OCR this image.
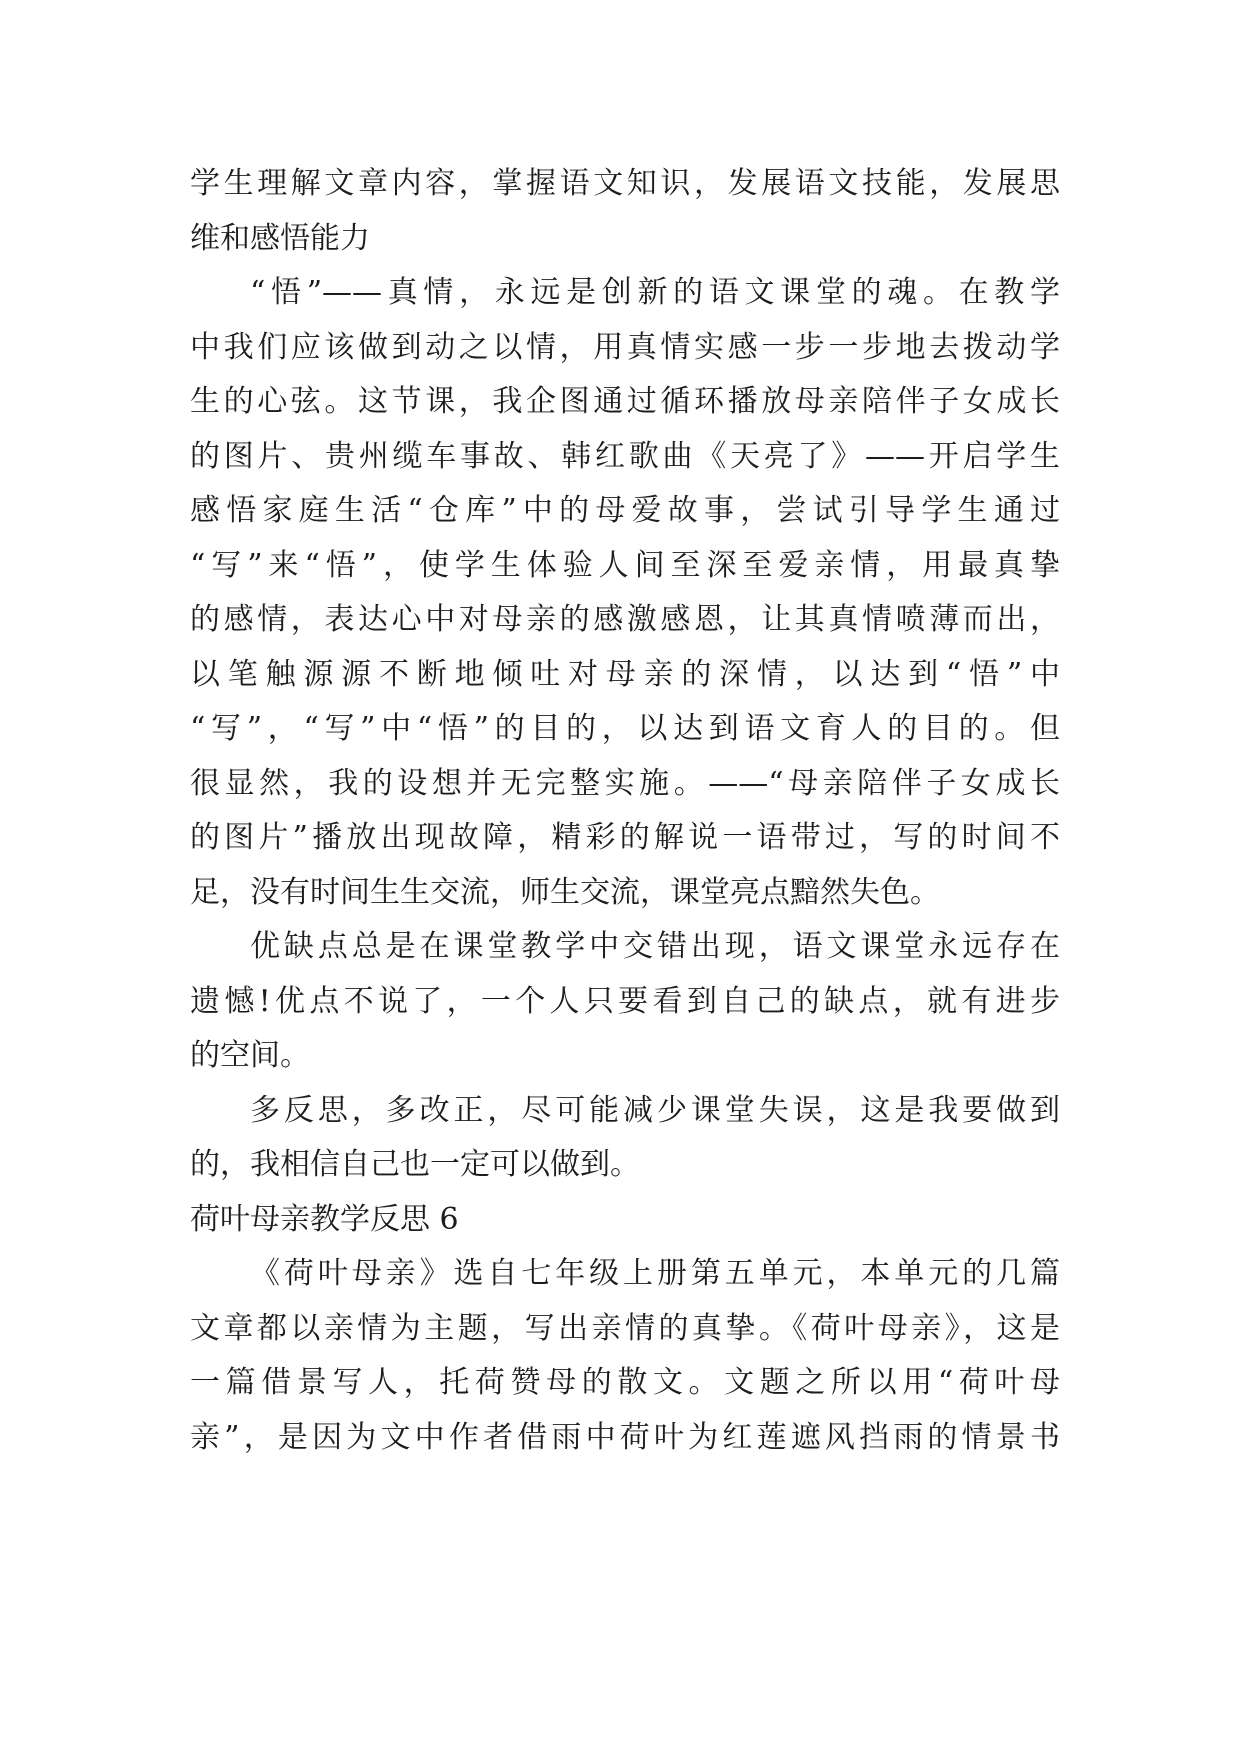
学生理解文章内容，掌握语文知识，发展语文技能，发展思
维和感悟能力
“悟”——真情，永远是创新的语文课堂的魂。在教学
中我们应该做到动之以情，用真情实感一步一步地去拨动学
生的心弦。这节课，我企图通过循环播放母亲陪伴子女成长
的图片、贵州缆车事故、韩红歌曲《天亮了》——开启学生
感悟家庭生活“仓库”中的母爱故事，尝试引导学生通过
“写”来“悟”，使学生体验人间至深至爱亲情，用最真挚
的感情，表达心中对母亲的感激感恩，让其真情喷薄而出，
以笔触源源不断地倾吐对母亲的深情，以达到“悟”中
“写”，“写”中“悟”的目的，以达到语文育人的目的。但
很显然，我的设想并无完整实施。——“母亲陪伴子女成长
的图片”播放出现故障，精彩的解说一语带过，写的时间不
足，没有时间生生交流，师生交流，课堂亮点黯然失色。
优缺点总是在课堂教学中交错出现，语文课堂永远存在
遗憾!优点不说了，一个人只要看到自己的缺点，就有进步
的空间。
多反思，多改正，尽可能减少课堂失误，这是我要做到
的，我相信自己也一定可以做到。
荷叶母亲教学反思 6
《荷叶母亲》选自七年级上册第五单元，本单元的几篇
文章都以亲情为主题，写出亲情的真挚。《荷叶母亲》，这是
一篇借景写人，托荷赞母的散文。文题之所以用“荷叶母
亲”，是因为文中作者借雨中荷叶为红莲遮风挡雨的情景书
